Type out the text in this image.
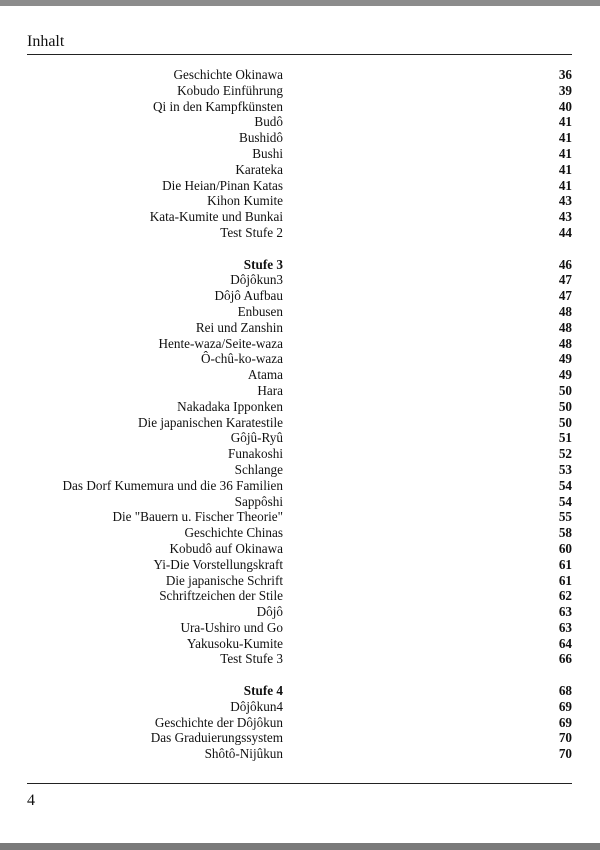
Inhalt
Geschichte Okinawa	36
Kobudo Einführung	39
Qi in den Kampfkünsten	40
Budô	41
Bushidô	41
Bushi	41
Karateka	41
Die Heian/Pinan Katas	41
Kihon Kumite	43
Kata-Kumite und Bunkai	43
Test Stufe 2	44
Stufe 3	46
Dôjôkun3	47
Dôjô Aufbau	47
Enbusen	48
Rei und Zanshin	48
Hente-waza/Seite-waza	48
Ô-chû-ko-waza	49
Atama	49
Hara	50
Nakadaka Ipponken	50
Die japanischen Karatestile	50
Gôjû-Ryû	51
Funakoshi	52
Schlange	53
Das Dorf Kumemura und die 36 Familien	54
Sappôshi	54
Die "Bauern u. Fischer Theorie"	55
Geschichte Chinas	58
Kobudô auf Okinawa	60
Yi-Die Vorstellungskraft	61
Die japanische Schrift	61
Schriftzeichen der Stile	62
Dôjô	63
Ura-Ushiro und Go	63
Yakusoku-Kumite	64
Test Stufe 3	66
Stufe 4	68
Dôjôkun4	69
Geschichte der Dôjôkun	69
Das Graduierungssystem	70
Shôtô-Nijûkun	70
4
